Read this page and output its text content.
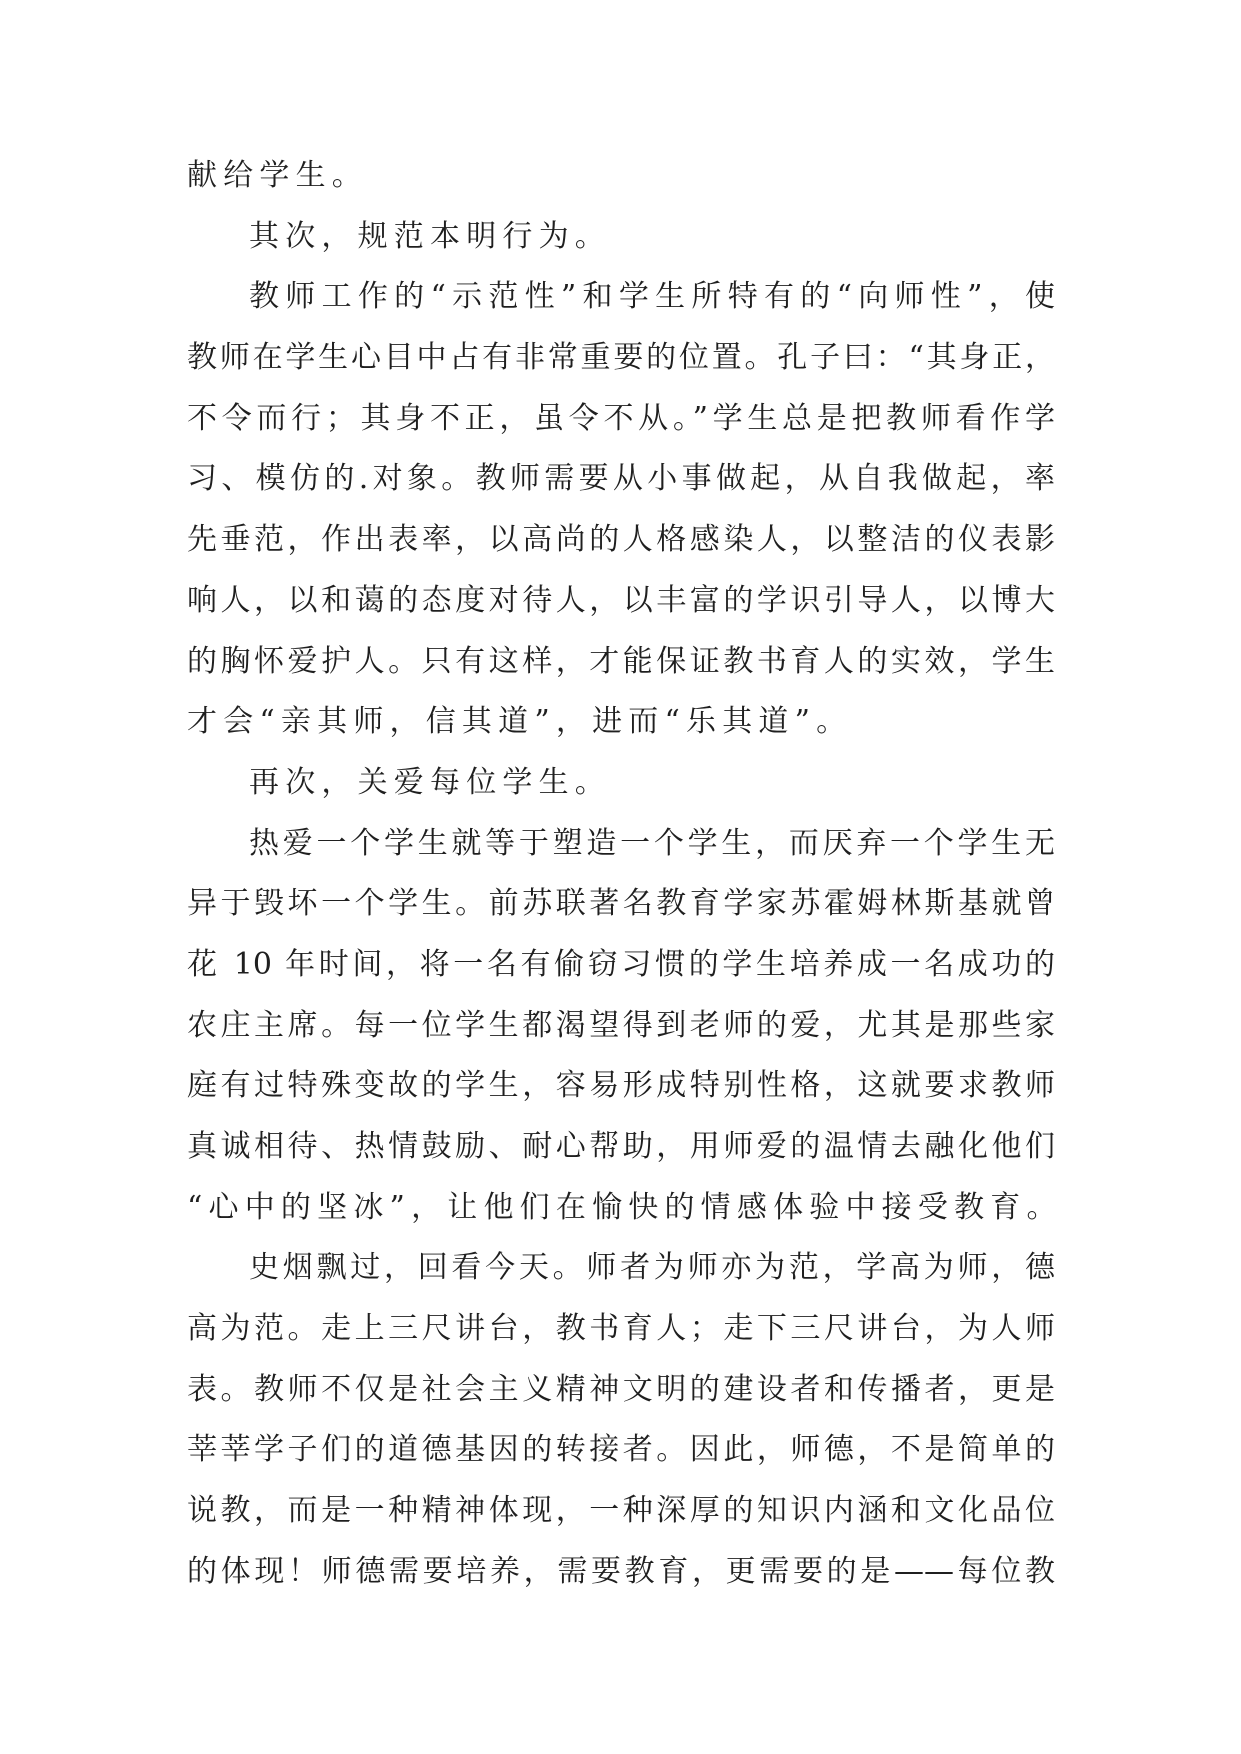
献给学生。
其次，规范本明行为。
教师工作的“示范性”和学生所特有的“向师性”，使
教师在学生心目中占有非常重要的位置。孔子曰：“其身正，
不令而行；其身不正，虽令不从。”学生总是把教师看作学
习、模仿的.对象。教师需要从小事做起，从自我做起，率
先垂范，作出表率，以高尚的人格感染人，以整洁的仪表影
响人，以和蔼的态度对待人，以丰富的学识引导人，以博大
的胸怀爱护人。只有这样，才能保证教书育人的实效，学生
才会“亲其师，信其道”，进而“乐其道”。
再次，关爱每位学生。
热爱一个学生就等于塑造一个学生，而厌弃一个学生无
异于毁坏一个学生。前苏联著名教育学家苏霍姆林斯基就曾
花 10 年时间，将一名有偷窃习惯的学生培养成一名成功的
农庄主席。每一位学生都渴望得到老师的爱，尤其是那些家
庭有过特殊变故的学生，容易形成特别性格，这就要求教师
真诚相待、热情鼓励、耐心帮助，用师爱的温情去融化他们
“心中的坚冰”，让他们在愉快的情感体验中接受教育。
史烟飘过，回看今天。师者为师亦为范，学高为师，德
高为范。走上三尺讲台，教书育人；走下三尺讲台，为人师
表。教师不仅是社会主义精神文明的建设者和传播者，更是
莘莘学子们的道德基因的转接者。因此，师德，不是简单的
说教，而是一种精神体现，一种深厚的知识内涵和文化品位
的体现！师德需要培养，需要教育，更需要的是——每位教
